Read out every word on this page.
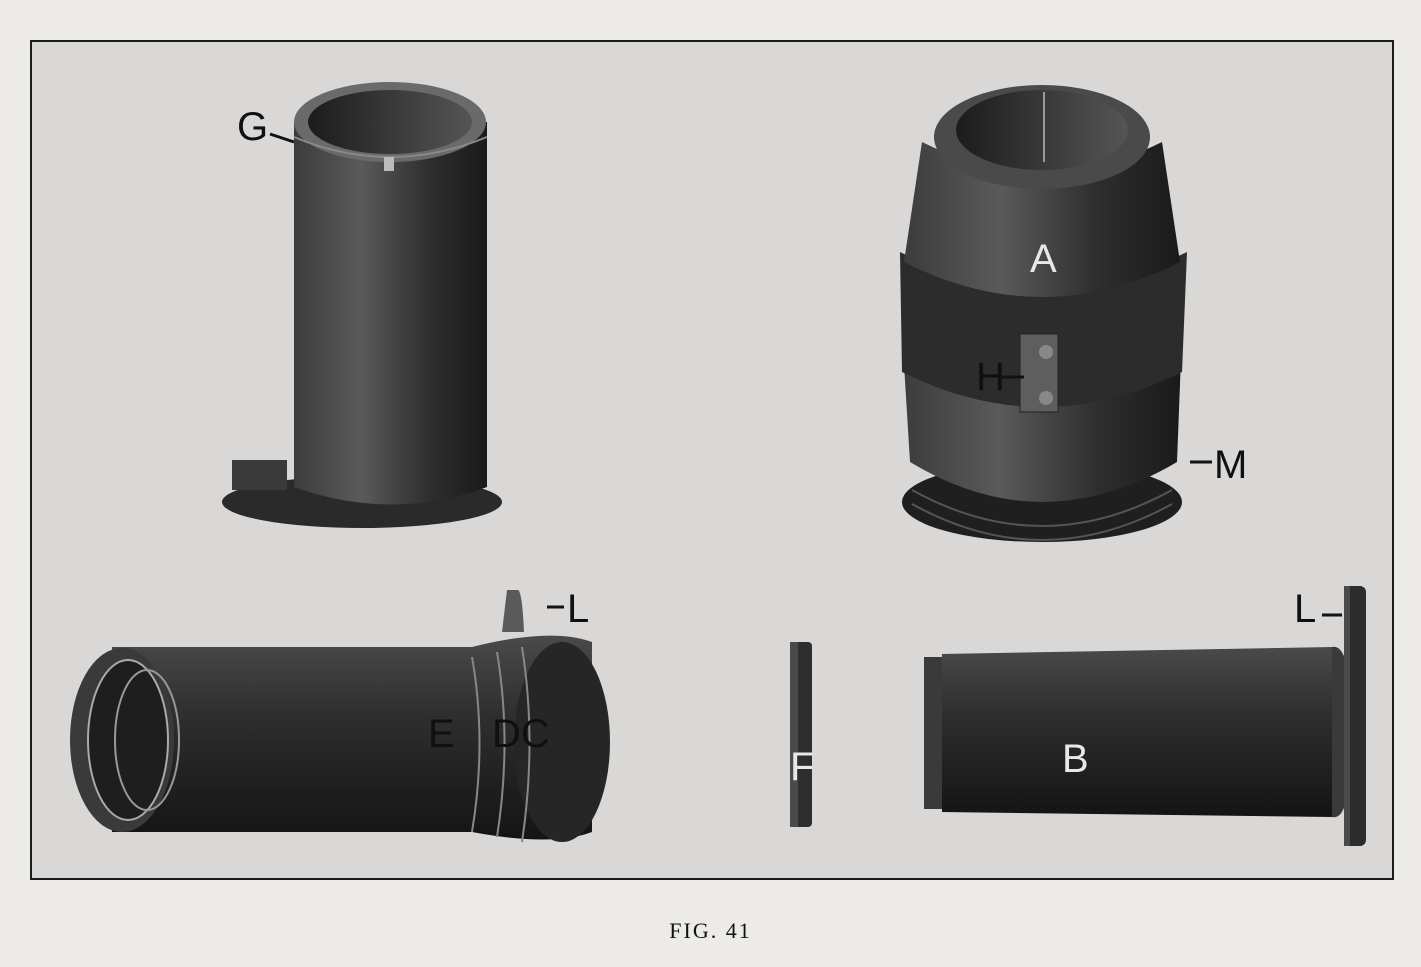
G
A
H
M
L
E DC
F	B
L
FIG. 41
